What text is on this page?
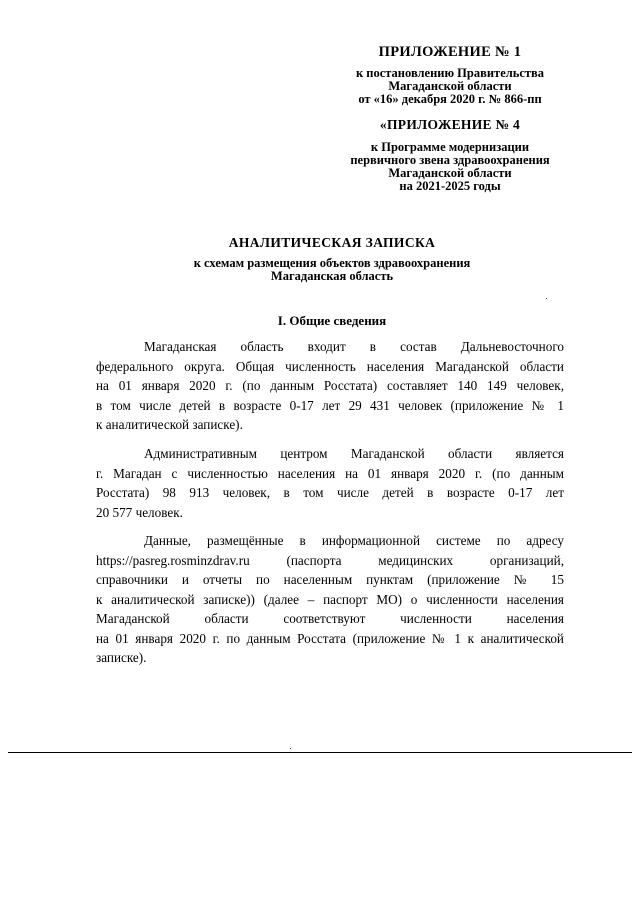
ПРИЛОЖЕНИЕ № 1
к постановлению Правительства
Магаданской области
от «16» декабря 2020 г. № 866-пп
«ПРИЛОЖЕНИЕ № 4
к Программе модернизации
первичного звена здравоохранения
Магаданской области
на 2021-2025 годы
АНАЛИТИЧЕСКАЯ ЗАПИСКА
к схемам размещения объектов здравоохранения
Магаданская область
I. Общие сведения
Магаданская область входит в состав Дальневосточного
федерального округа. Общая численность населения Магаданской области
на 01 января 2020 г. (по данным Росстата) составляет 140 149 человек,
в том числе детей в возрасте 0-17 лет 29 431 человек (приложение № 1
к аналитической записке).
Административным центром Магаданской области является
г. Магадан с численностью населения на 01 января 2020 г. (по данным
Росстата) 98 913 человек, в том числе детей в возрасте 0-17 лет
20 577 человек.
Данные, размещённые в информационной системе по адресу
https://pasreg.rosminzdrav.ru (паспорта медицинских организаций,
справочники и отчеты по населенным пунктам (приложение № 15
к аналитической записке)) (далее – паспорт МО) о численности населения
Магаданской области соответствуют численности населения
на 01 января 2020 г. по данным Росстата (приложение № 1 к аналитической
записке).
